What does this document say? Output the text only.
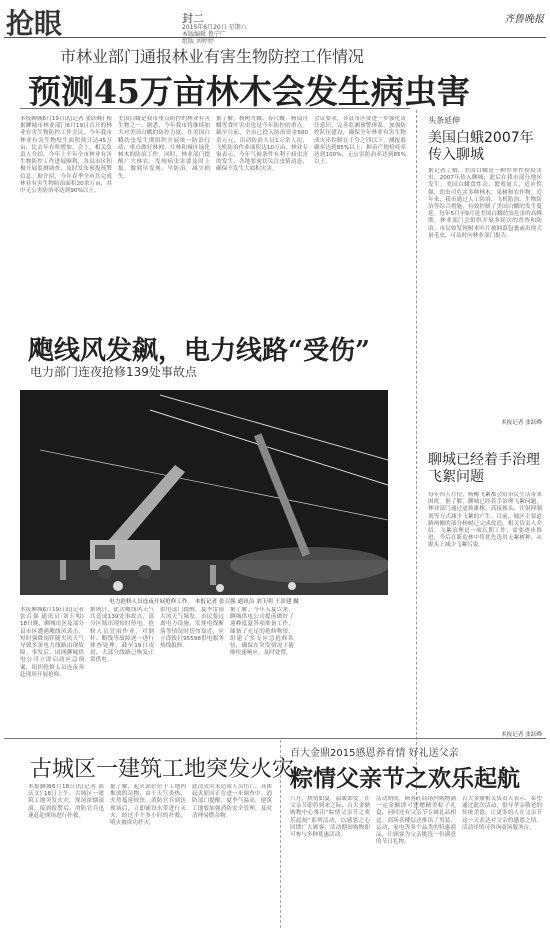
抢眼	封二
2015年6月20日 星期六
本版编辑 鲁宁广
组版 刘婷婷
齐鲁晚报
市林业部门通报林业有害生物防控工作情况
预测45万亩林木会发生病虫害
本报聊城6月19日讯(记者 张跃峰) 根据聊城市林业部门6月19日召开的林业有害生物防控工作会议，今年我市林业有害生物发生面积预计达45万亩，比去年有所增加。会上，相关负责人介绍，今年上半年全市林业有害生物防控工作进展顺利，各县市区积极开展监测调查，及时发布预报预警信息。据介绍，今年春季全市共完成林业有害生物防治面积20余万亩，其中无公害防治率达到90%以上。
美国白蛾是我市重点防控的林业有害生物之一。据悉，今年我市将继续加大对美国白蛾的防控力度，在美国白蛾幼虫发生期组织开展统一防治行动，重点做好林网、片林和城区绿化树木的防治工作。同时，林业部门提醒广大林农，发现病虫害要及时上报，做到早发现、早防治，减少损失。
据了解，杨树舟蛾、春尺蠖、杨扇舟蛾等食叶害虫也是今年防控的重点。截至目前，全市已投入防治资金500余万元，出动防治人员1万余人次，飞机防治作业面积达10万亩。林业专家表示，今年气候条件有利于病虫害的发生，各地要密切关注虫情动态，确保不发生大面积灾害。
会议要求，各县市区要进一步强化责任意识，完善监测预警体系，加强防控队伍建设，确保全年林业有害生物成灾率控制在千分之四以下，测报准确率达到85%以上，种苗产地检疫率达到100%，无公害防治率达到85%以上。
飑线风发飙，电力线路“受伤”
电力部门连夜抢修139处事故点
电力抢修人员连夜开展抢修工作。 本报记者 张召强 通讯员 刘玉明 王景建 摄
本报聊城6月19日讯(记者 张召强 通讯员 刘玉明) 18日晚，聊城市区及部分县市区遭遇飑线风袭击，短时强降雨伴随大风天气导致多条电力线路出现故障。事发后，国网聊城供电公司立即启动应急预案，组织抢修人员连夜奔赴现场开展抢修。
据统计，此次飑线风天气共造成139处事故点，部分区域出现短时停电。抢修人员冒雨作业，对倒杆、断线等故障逐一进行排查处理，截至19日凌晨，大部分线路已恢复正常供电。
供电部门提醒，夏季雷雨大风天气频发，市民要远离电力设施，发现电线断落等情况时切勿靠近，应立即拨打95598供电服务热线报修。
据了解，今年入夏以来，聊城供电公司提前做好了迎峰度夏各项准备工作，储备了充足的抢修物资，组建了多支应急抢修队伍，确保在突发情况下能够快速响应、及时处置。
头条延伸
美国白蛾2007年传入聊城
据记者了解，美国白蛾是一种世界性检疫害虫，2007年传入聊城，此后在我市部分地区发生。美国白蛾食性杂、繁殖量大、适应性强，幼虫可危害多种林木、果树和农作物。近年来，我市通过人工防治、飞机防治、生物防治等综合措施，有效控制了美国白蛾的发生蔓延。每年5月至9月是美国白蛾幼虫危害的高峰期，林业部门会组织开展多轮次的普查和防治。市民如发现树木叶片被网幕包裹或出现大量毛虫，可及时向林业部门报告。
本报记者 张跃峰
聊城已经着手治理飞絮问题
每年四五月份，杨柳飞絮都会给市民生活带来困扰。据了解，聊城已经着手治理飞絮问题，林业部门通过更换雄株、高接换头、注射抑制剂等方式减少飞絮的产生。目前，城区主要道路两侧的部分杨树已完成改造。相关负责人介绍，飞絮治理是一项长期工作，需要逐步推进，今后在新造林中将优先选用无絮树种，从源头上减少飞絮污染。
本报记者 张跃峰
古城区一建筑工地突发火灾
本报聊城6月18日讯(记者 郭庆文) 18日上午，古城区一建筑工地突发火灾，现场浓烟滚滚。接到报警后，消防官兵迅速赶赴现场进行扑救。
据了解，起火部位位于工地内堆放的杂物，由于天气炎热，火势蔓延较快。消防官兵到达现场后，立即铺设水带进行灭火，经过半个多小时的扑救，明火被成功扑灭。
此次火灾未造成人员伤亡，具体起火原因正在进一步调查中。消防部门提醒，夏季气温高，建筑工地要加强消防安全管理，及时清理易燃杂物。
百大金鼎2015感恩养育情 好礼送父亲
粽情父亲节之欢乐起航
六月，热情如夏，温暖如爱。在父亲节即将到来之际，百大金鼎购物中心推出“粽情父亲节之欢乐起航”系列活动，以感恩之心回馈广大顾客，活动期间购物即可参与多种优惠活动。
活动期间，顾客在商场内购物满一定金额即可获赠精美粽子礼盒，同时还有父亲节专属礼品相送。商场各楼层还推出了男装、运动、家电等多个品类的特惠商品，让顾客为父亲挑选一份满意的节日礼物。
百大金鼎相关负责人表示，希望通过此次活动，倡导孝亲敬老的传统美德，让更多的人在父亲节这一天表达对父亲的感恩之情。活动详情可咨询商场服务台。
